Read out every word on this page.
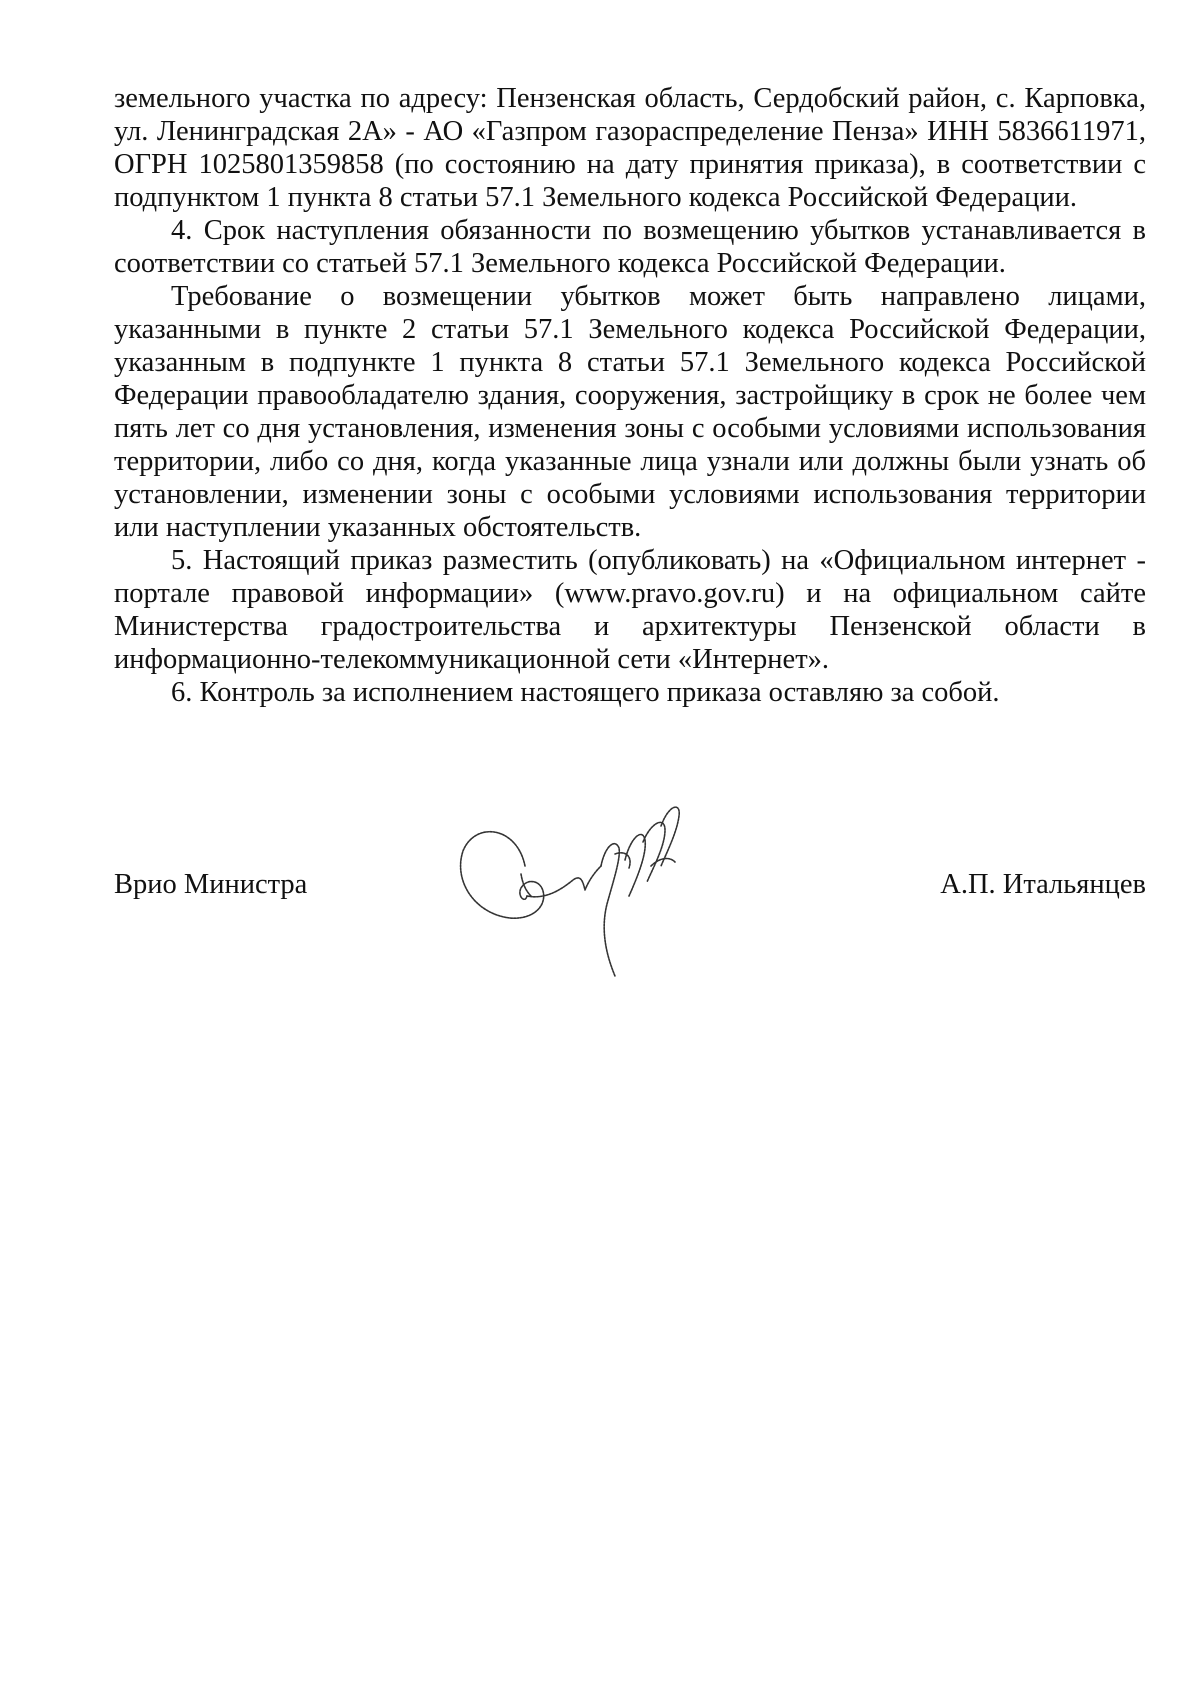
земельного участка по адресу: Пензенская область, Сердобский район, с. Карповка, ул. Ленинградская 2А» - АО «Газпром газораспределение Пенза» ИНН 5836611971, ОГРН 1025801359858 (по состоянию на дату принятия приказа), в соответствии с подпунктом 1 пункта 8 статьи 57.1 Земельного кодекса Российской Федерации.

4. Срок наступления обязанности по возмещению убытков устанавливается в соответствии со статьей 57.1 Земельного кодекса Российской Федерации.

Требование о возмещении убытков может быть направлено лицами, указанными в пункте 2 статьи 57.1 Земельного кодекса Российской Федерации, указанным в подпункте 1 пункта 8 статьи 57.1 Земельного кодекса Российской Федерации правообладателю здания, сооружения, застройщику в срок не более чем пять лет со дня установления, изменения зоны с особыми условиями использования территории, либо со дня, когда указанные лица узнали или должны были узнать об установлении, изменении зоны с особыми условиями использования территории или наступлении указанных обстоятельств.

5. Настоящий приказ разместить (опубликовать) на «Официальном интернет - портале правовой информации» (www.pravo.gov.ru) и на официальном сайте Министерства градостроительства и архитектуры Пензенской области в информационно-телекоммуникационной сети «Интернет».

6. Контроль за исполнением настоящего приказа оставляю за собой.

Врио Министра	А.П. Итальянцев
